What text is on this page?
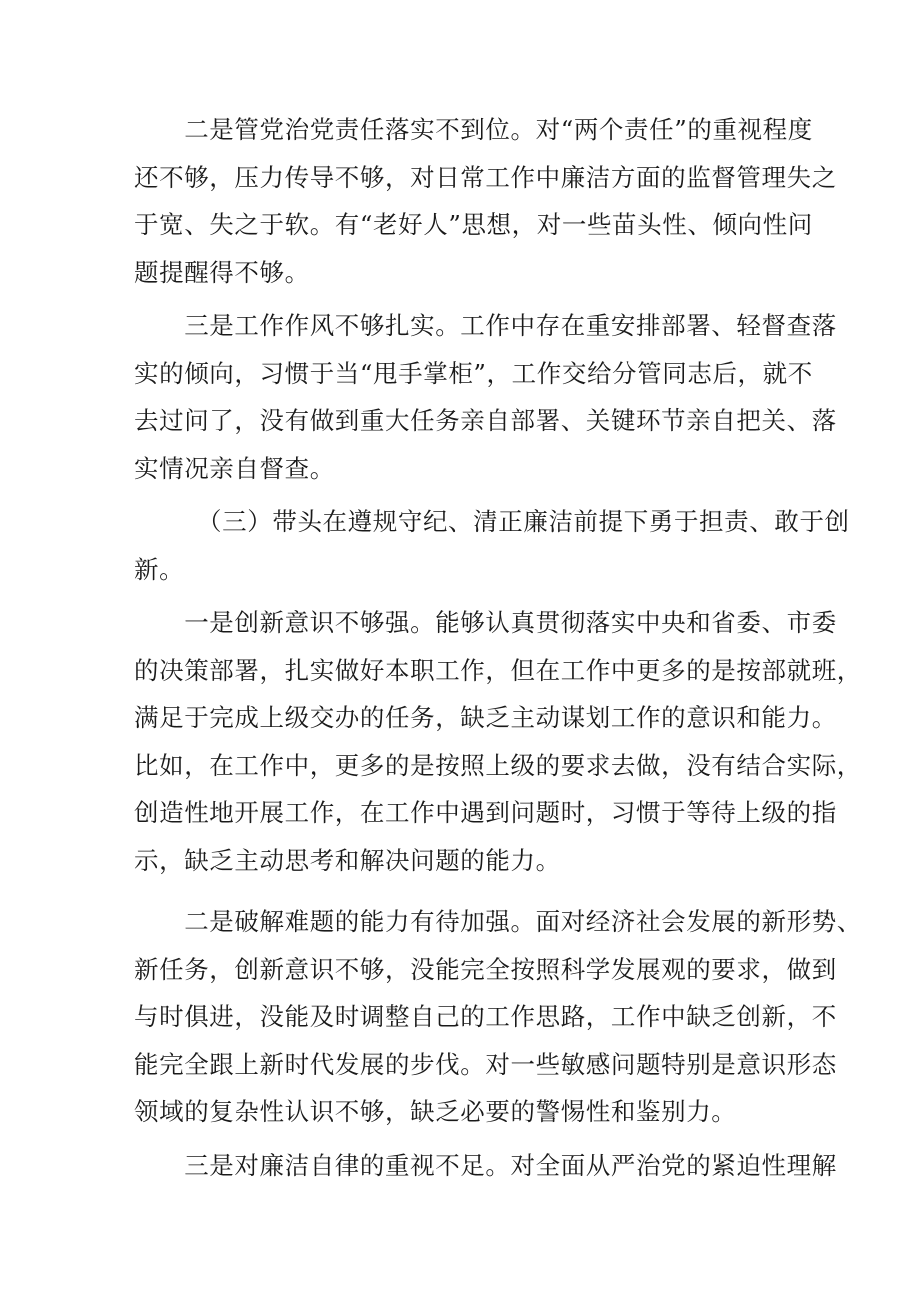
　　二是管党治党责任落实不到位。对“两个责任”的重视程度
还不够，压力传导不够，对日常工作中廉洁方面的监督管理失之
于宽、失之于软。有“老好人”思想，对一些苗头性、倾向性问
题提醒得不够。
　　三是工作作风不够扎实。工作中存在重安排部署、轻督查落
实的倾向，习惯于当“甩手掌柜”，工作交给分管同志后，就不
去过问了，没有做到重大任务亲自部署、关键环节亲自把关、落
实情况亲自督查。
　　　（三）带头在遵规守纪、清正廉洁前提下勇于担责、敢于创
新。
　　一是创新意识不够强。能够认真贯彻落实中央和省委、市委
的决策部署，扎实做好本职工作，但在工作中更多的是按部就班，
满足于完成上级交办的任务，缺乏主动谋划工作的意识和能力。
比如，在工作中，更多的是按照上级的要求去做，没有结合实际，
创造性地开展工作，在工作中遇到问题时，习惯于等待上级的指
示，缺乏主动思考和解决问题的能力。
　　二是破解难题的能力有待加强。面对经济社会发展的新形势、
新任务，创新意识不够，没能完全按照科学发展观的要求，做到
与时俱进，没能及时调整自己的工作思路，工作中缺乏创新，不
能完全跟上新时代发展的步伐。对一些敏感问题特别是意识形态
领域的复杂性认识不够，缺乏必要的警惕性和鉴别力。
　　三是对廉洁自律的重视不足。对全面从严治党的紧迫性理解
